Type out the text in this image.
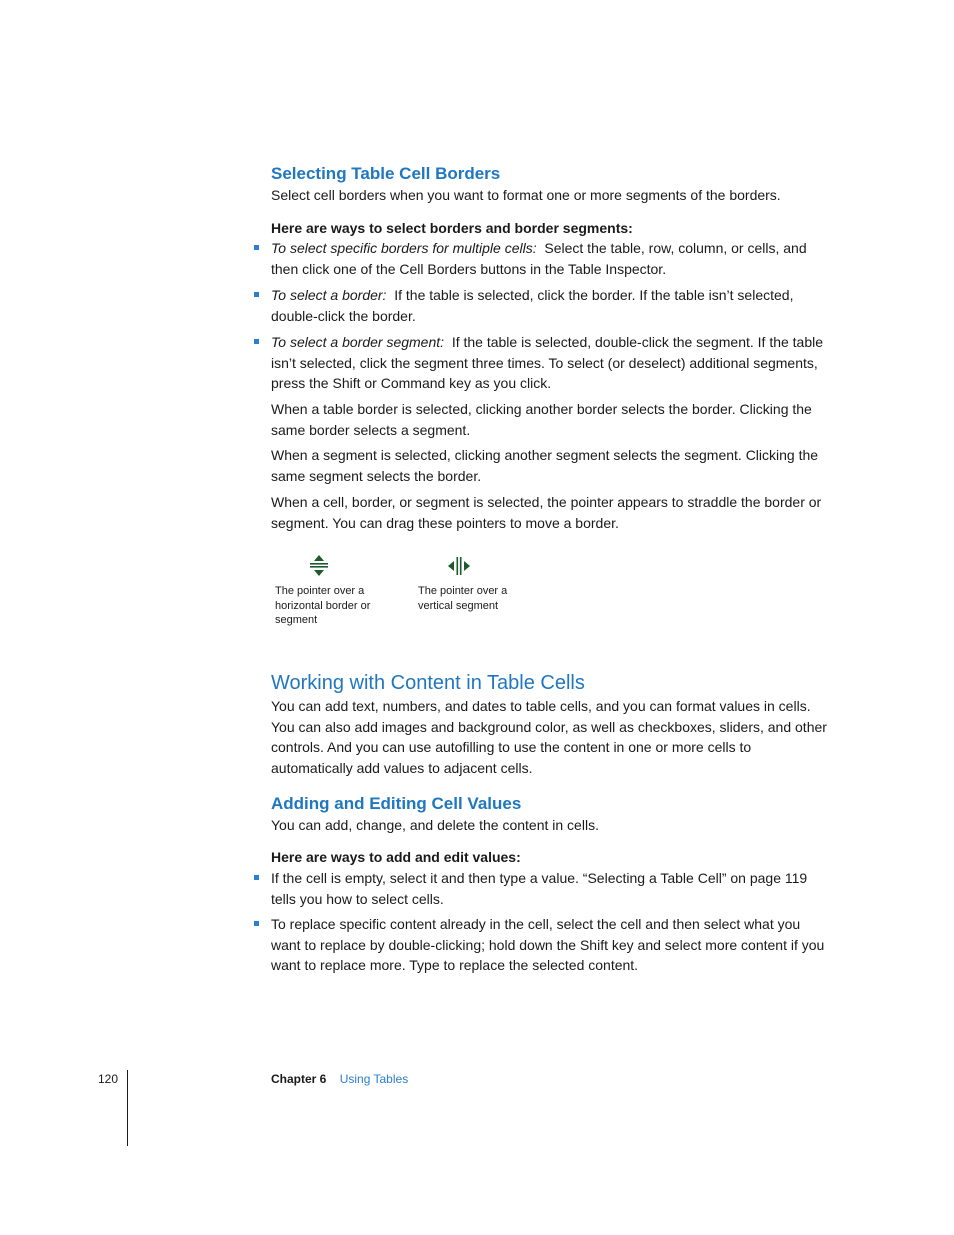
Selecting Table Cell Borders

Select cell borders when you want to format one or more segments of the borders.

Here are ways to select borders and border segments:

To select specific borders for multiple cells: Select the table, row, column, or cells, and then click one of the Cell Borders buttons in the Table Inspector.

To select a border: If the table is selected, click the border. If the table isn’t selected, double-click the border.

To select a border segment: If the table is selected, double-click the segment. If the table isn’t selected, click the segment three times. To select (or deselect) additional segments, press the Shift or Command key as you click.

When a table border is selected, clicking another border selects the border. Clicking the same border selects a segment.

When a segment is selected, clicking another segment selects the segment. Clicking the same segment selects the border.

When a cell, border, or segment is selected, the pointer appears to straddle the border or segment. You can drag these pointers to move a border.

The pointer over a horizontal border or segment
The pointer over a vertical segment
Working with Content in Table Cells

You can add text, numbers, and dates to table cells, and you can format values in cells. You can also add images and background color, as well as checkboxes, sliders, and other controls. And you can use autofilling to use the content in one or more cells to automatically add values to adjacent cells.

Adding and Editing Cell Values

You can add, change, and delete the content in cells.

Here are ways to add and edit values:

If the cell is empty, select it and then type a value. “Selecting a Table Cell” on page 119 tells you how to select cells.

To replace specific content already in the cell, select the cell and then select what you want to replace by double-clicking; hold down the Shift key and select more content if you want to replace more. Type to replace the selected content.

120	Chapter 6 Using Tables
